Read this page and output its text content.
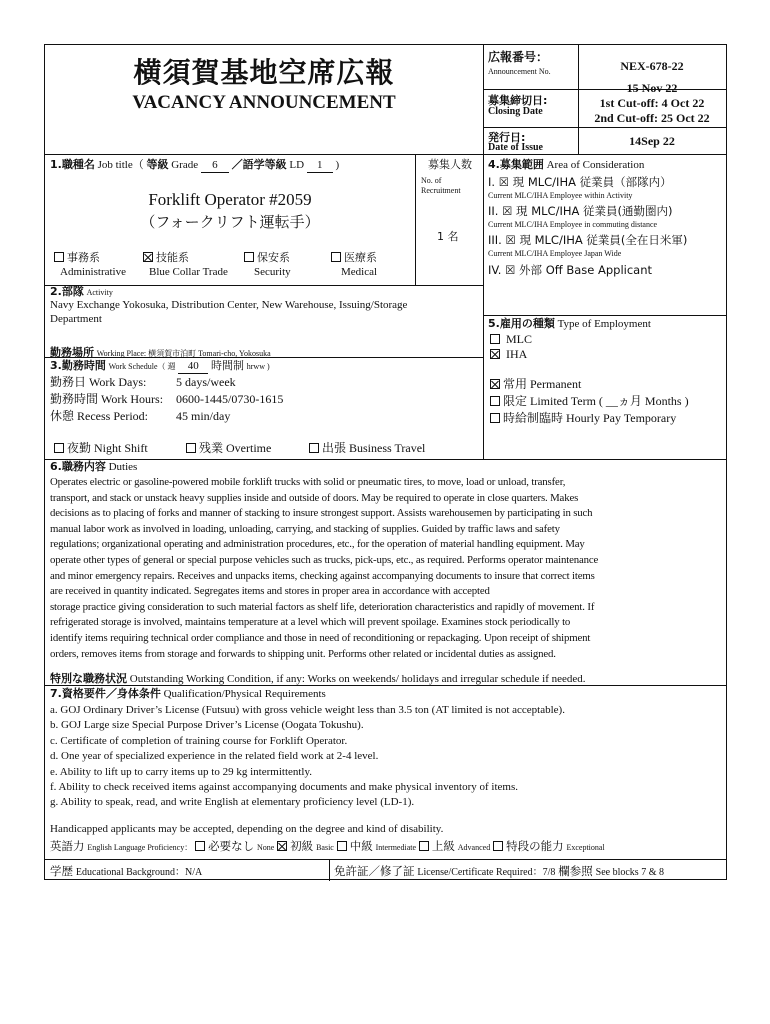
横須賀基地空席広報
VACANCY ANNOUNCEMENT
広報番号：
Announcement No.	NEX-678-22
募集締切日:
Closing Date
15 Nov 22
1st Cut-off: 4 Oct 22
2nd Cut-off: 25 Oct 22
発行日:
Date of Issue	14Sep 22
1.職種名 Job title（ 等級 Grade 6 ／語学等級 LD 1 )
Forklift Operator #2059
（フォークリフト運転手）
募集人数
No. of
Recruitment
1 名
事務系
Administrative
技能系
Blue Collar Trade
保安系
Security
医療系
Medical
2.部隊 Activity
Navy Exchange Yokosuka, Distribution Center, New Warehouse, Issuing/Storage
Department
勤務場所 Working Place: 横須賀市泊町 Tomari-cho, Yokosuka
3.勤務時間 Work Schedule（ 週 40 時間制 hrww )
勤務日 Work Days: 5 days/week
勤務時間 Work Hours: 0600-1445/0730-1615
休憩 Recess Period: 45 min/day
夜勤 Night Shift	残業 Overtime	出張 Business Travel
4.募集範囲 Area of Consideration
I. ☒ 現 MLC/IHA 従業員（部隊内）
Current MLC/IHA Employee within Activity
II. ☒ 現 MLC/IHA 従業員(通勤圏内)
Current MLC/IHA Employee in commuting distance
III. ☒ 現 MLC/IHA 従業員(全在日米軍)
Current MLC/IHA Employee Japan Wide
IV. ☒ 外部 Off Base Applicant
5.雇用の種類 Type of Employment
MLC
IHA
常用 Permanent
限定 Limited Term ( __ヵ月 Months )
時給制臨時 Hourly Pay Temporary
6.職務内容 Duties
Operates electric or gasoline-powered mobile forklift trucks with solid or pneumatic tires, to move, load or unload, transfer,
transport, and stack or unstack heavy supplies inside and outside of doors. May be required to operate in close quarters. Makes
decisions as to placing of forks and manner of stacking to insure strongest support. Assists warehousemen by participating in such
manual labor work as involved in loading, unloading, carrying, and stacking of supplies. Guided by traffic laws and safety
regulations; organizational operating and administration procedures, etc., for the operation of material handling equipment. May
operate other types of general or special purpose vehicles such as trucks, pick-ups, etc., as required. Performs operator maintenance
and minor emergency repairs. Receives and unpacks items, checking against accompanying documents to insure that correct items
are received in quantity indicated. Segregates items and stores in proper area in accordance with accepted
storage practice giving consideration to such material factors as shelf life, deterioration characteristics and rapidly of movement. If
refrigerated storage is involved, maintains temperature at a level which will prevent spoilage. Examines stock periodically to
identify items requiring technical order compliance and those in need of reconditioning or repackaging. Upon receipt of shipment
orders, removes items from storage and forwards to shipping unit. Performs other related or incidental duties as assigned.
特別な職務状況 Outstanding Working Condition, if any: Works on weekends/ holidays and irregular schedule if needed.
7.資格要件／身体条件 Qualification/Physical Requirements
a. GOJ Ordinary Driver’s License (Futsuu) with gross vehicle weight less than 3.5 ton (AT limited is not acceptable).
b. GOJ Large size Special Purpose Driver’s License (Oogata Tokushu).
c. Certificate of completion of training course for Forklift Operator.
d. One year of specialized experience in the related field work at 2-4 level.
e. Ability to lift up to carry items up to 29 kg intermittently.
f. Ability to check received items against accompanying documents and make physical inventory of items.
g. Ability to speak, read, and write English at elementary proficiency level (LD-1).
Handicapped applicants may be accepted, depending on the degree and kind of disability.
英語力 English Language Proficiency： 必要なし None 初級 Basic 中級 Intermediate 上級 Advanced 特段の能力 Exceptional
学歴 Educational Background：N/A	免許証／修了証 License/Certificate Required：7/8 欄参照 See blocks 7 & 8
